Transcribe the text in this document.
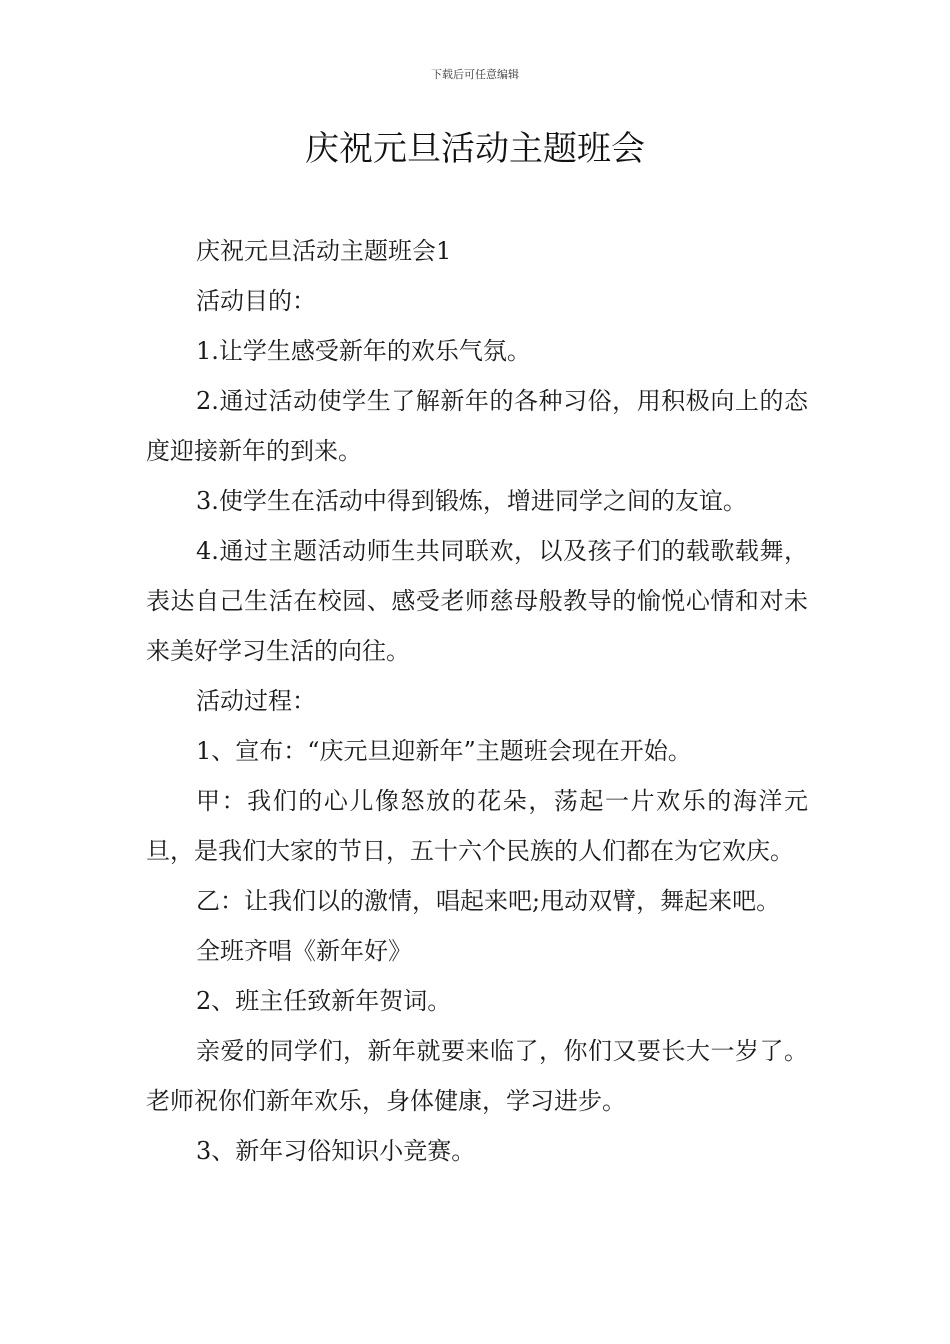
下载后可任意编辑
庆祝元旦活动主题班会

庆祝元旦活动主题班会1

活动目的：

1.让学生感受新年的欢乐气氛。

2.通过活动使学生了解新年的各种习俗，用积极向上的态度迎接新年的到来。

3.使学生在活动中得到锻炼，增进同学之间的友谊。

4.通过主题活动师生共同联欢，以及孩子们的载歌载舞，表达自己生活在校园、感受老师慈母般教导的愉悦心情和对未来美好学习生活的向往。

活动过程：

1、宣布：“庆元旦迎新年”主题班会现在开始。

甲：我们的心儿像怒放的花朵，荡起一片欢乐的海洋元旦，是我们大家的节日，五十六个民族的人们都在为它欢庆。

乙：让我们以的激情，唱起来吧;甩动双臂，舞起来吧。

全班齐唱《新年好》

2、班主任致新年贺词。

亲爱的同学们，新年就要来临了，你们又要长大一岁了。老师祝你们新年欢乐，身体健康，学习进步。

3、新年习俗知识小竞赛。
